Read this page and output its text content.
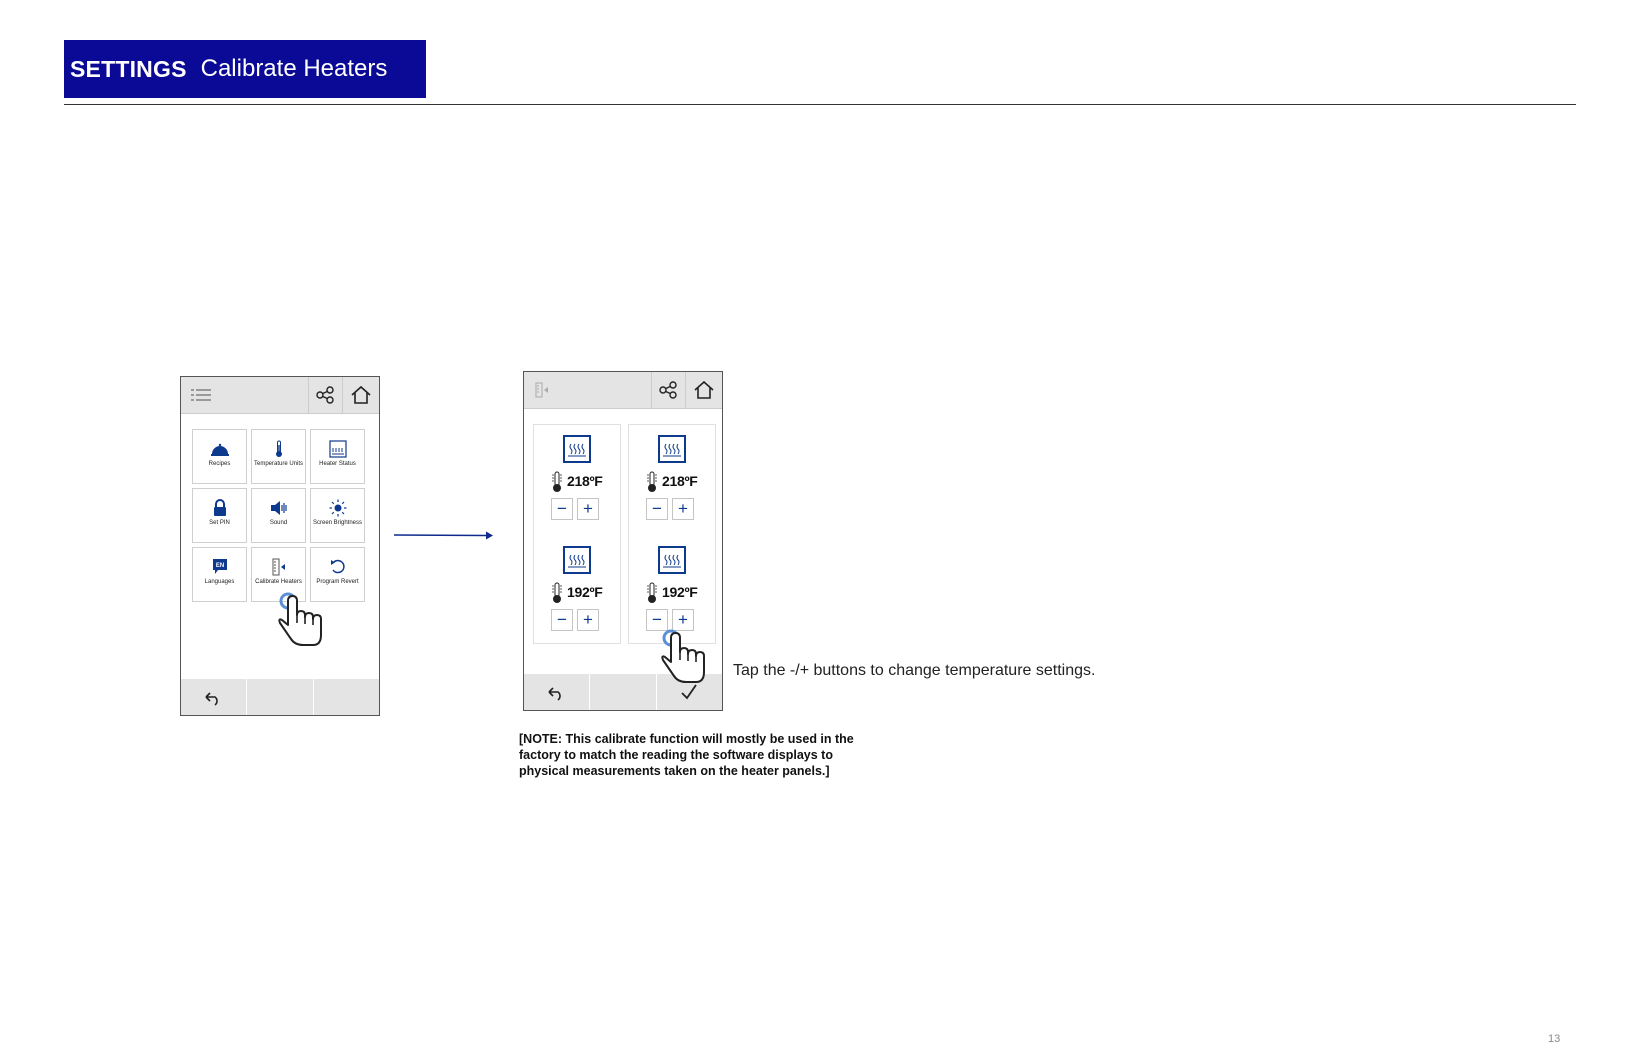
SETTINGS Calibrate Heaters
Recipes	Temperature Units	Heater Status
Set PIN	Sound	Screen Brightness
EN
Languages	Calibrate Heaters	Program Revert
218ºF
− +
192ºF
− +
218ºF
− +
192ºF
− +
Tap the -/+ buttons to change temperature settings.
[NOTE: This calibrate function will mostly be used in the factory to match the reading the software displays to physical measurements taken on the heater panels.]
13
